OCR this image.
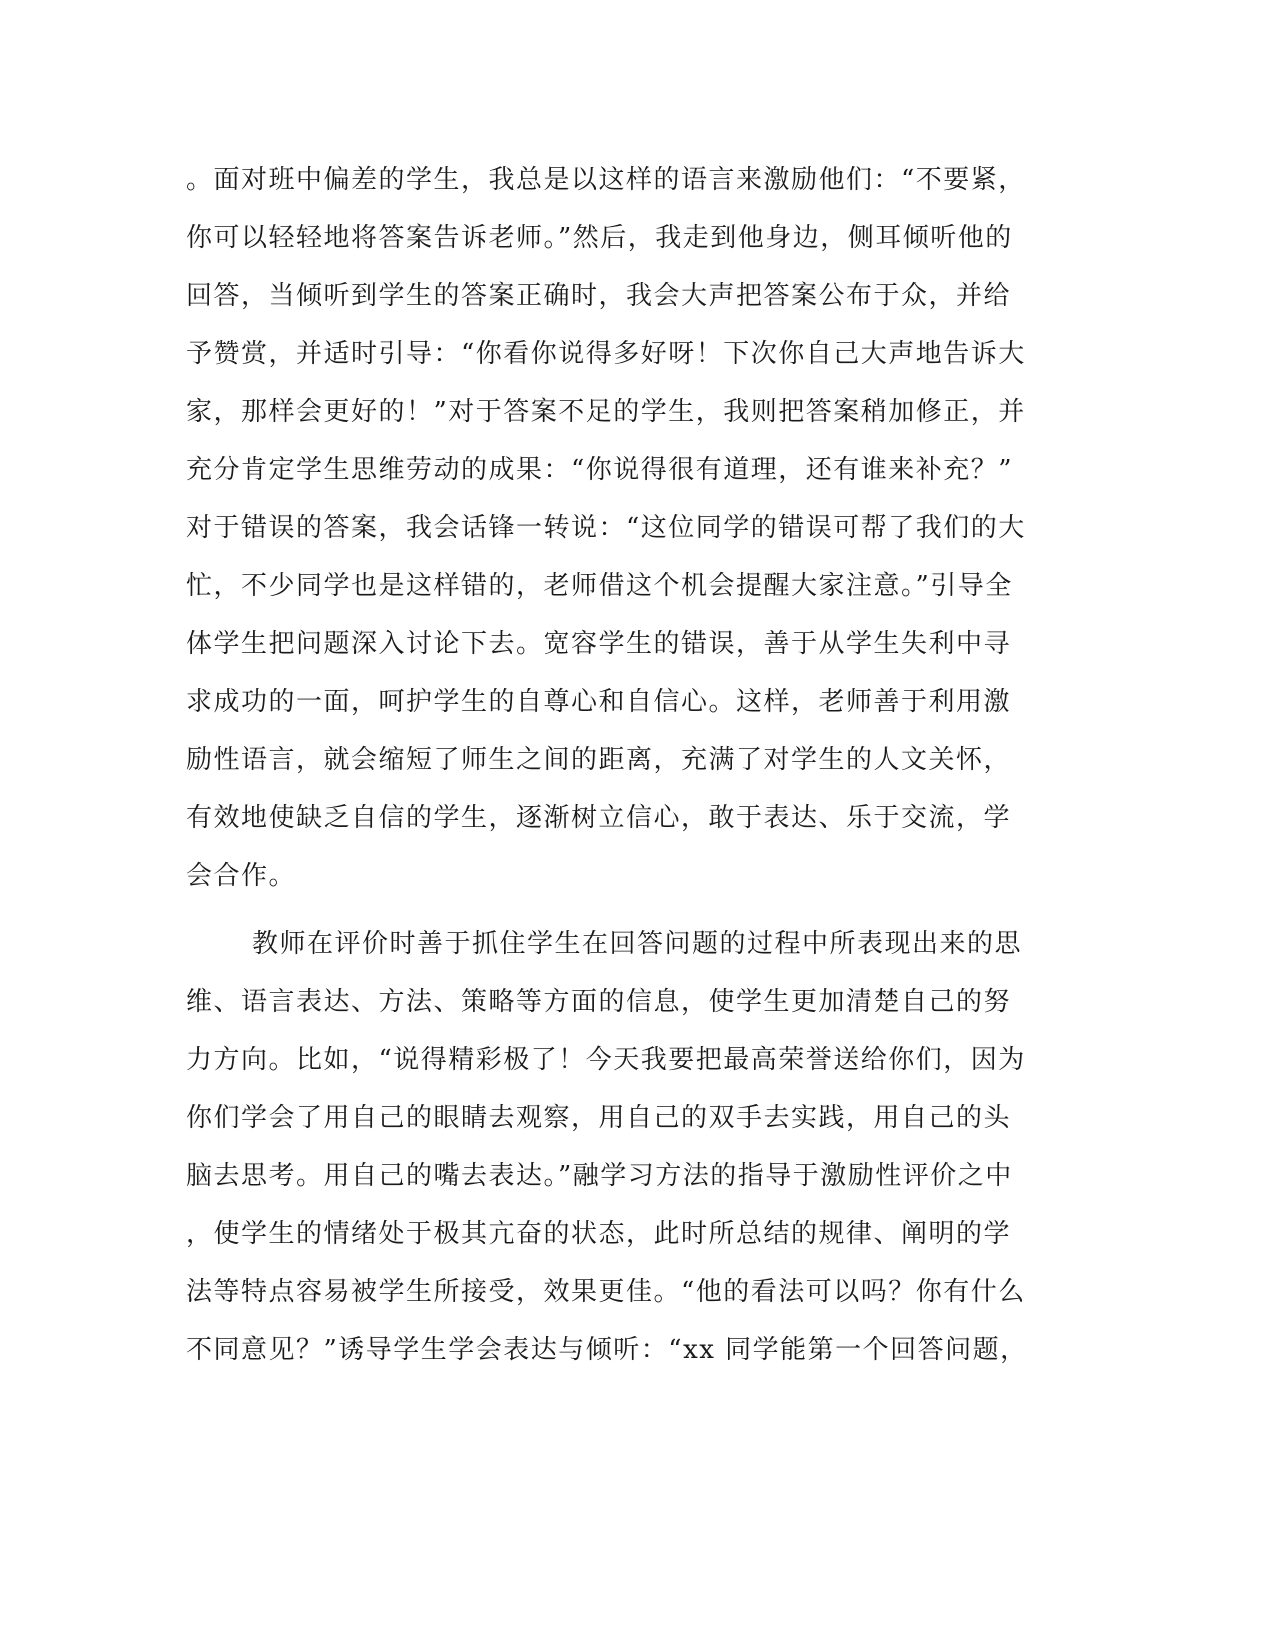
。面对班中偏差的学生，我总是以这样的语言来激励他们：“不要紧，
你可以轻轻地将答案告诉老师。”然后，我走到他身边，侧耳倾听他的
回答，当倾听到学生的答案正确时，我会大声把答案公布于众，并给
予赞赏，并适时引导：“你看你说得多好呀！下次你自己大声地告诉大
家，那样会更好的！”对于答案不足的学生，我则把答案稍加修正，并
充分肯定学生思维劳动的成果：“你说得很有道理，还有谁来补充？”
对于错误的答案，我会话锋一转说：“这位同学的错误可帮了我们的大
忙，不少同学也是这样错的，老师借这个机会提醒大家注意。”引导全
体学生把问题深入讨论下去。宽容学生的错误，善于从学生失利中寻
求成功的一面，呵护学生的自尊心和自信心。这样，老师善于利用激
励性语言，就会缩短了师生之间的距离，充满了对学生的人文关怀，
有效地使缺乏自信的学生，逐渐树立信心，敢于表达、乐于交流，学
会合作。
教师在评价时善于抓住学生在回答问题的过程中所表现出来的思
维、语言表达、方法、策略等方面的信息，使学生更加清楚自己的努
力方向。比如，“说得精彩极了！今天我要把最高荣誉送给你们，因为
你们学会了用自己的眼睛去观察，用自己的双手去实践，用自己的头
脑去思考。用自己的嘴去表达。”融学习方法的指导于激励性评价之中
，使学生的情绪处于极其亢奋的状态，此时所总结的规律、阐明的学
法等特点容易被学生所接受，效果更佳。“他的看法可以吗？你有什么
不同意见？”诱导学生学会表达与倾听：“xx 同学能第一个回答问题，
